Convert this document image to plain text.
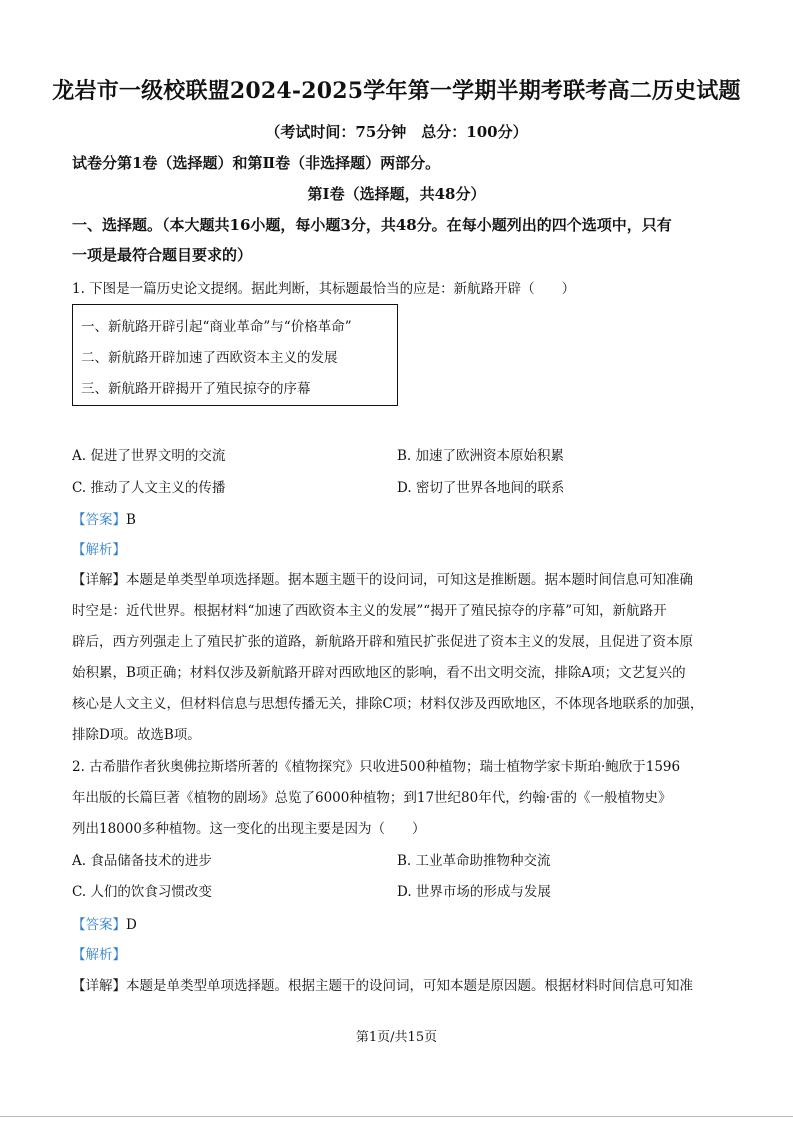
龙岩市一级校联盟2024-2025学年第一学期半期考联考高二历史试题
（考试时间：75分钟　总分：100分）
试卷分第1卷（选择题）和第Ⅱ卷（非选择题）两部分。
第Ⅰ卷（选择题，共48分）
一、选择题。（本大题共16小题，每小题3分，共48分。在每小题列出的四个选项中，只有
一项是最符合题目要求的）
1. 下图是一篇历史论文提纲。据此判断，其标题最恰当的应是：新航路开辟（　　）
一、新航路开辟引起“商业革命”与“价格革命”
二、新航路开辟加速了西欧资本主义的发展
三、新航路开辟揭开了殖民掠夺的序幕
A. 促进了世界文明的交流	B. 加速了欧洲资本原始积累
C. 推动了人文主义的传播	D. 密切了世界各地间的联系
【答案】B
【解析】
【详解】本题是单类型单项选择题。据本题主题干的设问词，可知这是推断题。据本题时间信息可知准确
时空是：近代世界。根据材料“加速了西欧资本主义的发展”“揭开了殖民掠夺的序幕”可知，新航路开
辟后，西方列强走上了殖民扩张的道路，新航路开辟和殖民扩张促进了资本主义的发展，且促进了资本原
始积累，B项正确；材料仅涉及新航路开辟对西欧地区的影响，看不出文明交流，排除A项；文艺复兴的
核心是人文主义，但材料信息与思想传播无关，排除C项；材料仅涉及西欧地区，不体现各地联系的加强，
排除D项。故选B项。
2. 古希腊作者狄奥佛拉斯塔所著的《植物探究》只收进500种植物；瑞士植物学家卡斯珀·鲍欣于1596
年出版的长篇巨著《植物的剧场》总览了6000种植物；到17世纪80年代，约翰·雷的《一般植物史》
列出18000多种植物。这一变化的出现主要是因为（　　）
A. 食品储备技术的进步	B. 工业革命助推物种交流
C. 人们的饮食习惯改变	D. 世界市场的形成与发展
【答案】D
【解析】
【详解】本题是单类型单项选择题。根据主题干的设问词，可知本题是原因题。根据材料时间信息可知准
第1页/共15页
